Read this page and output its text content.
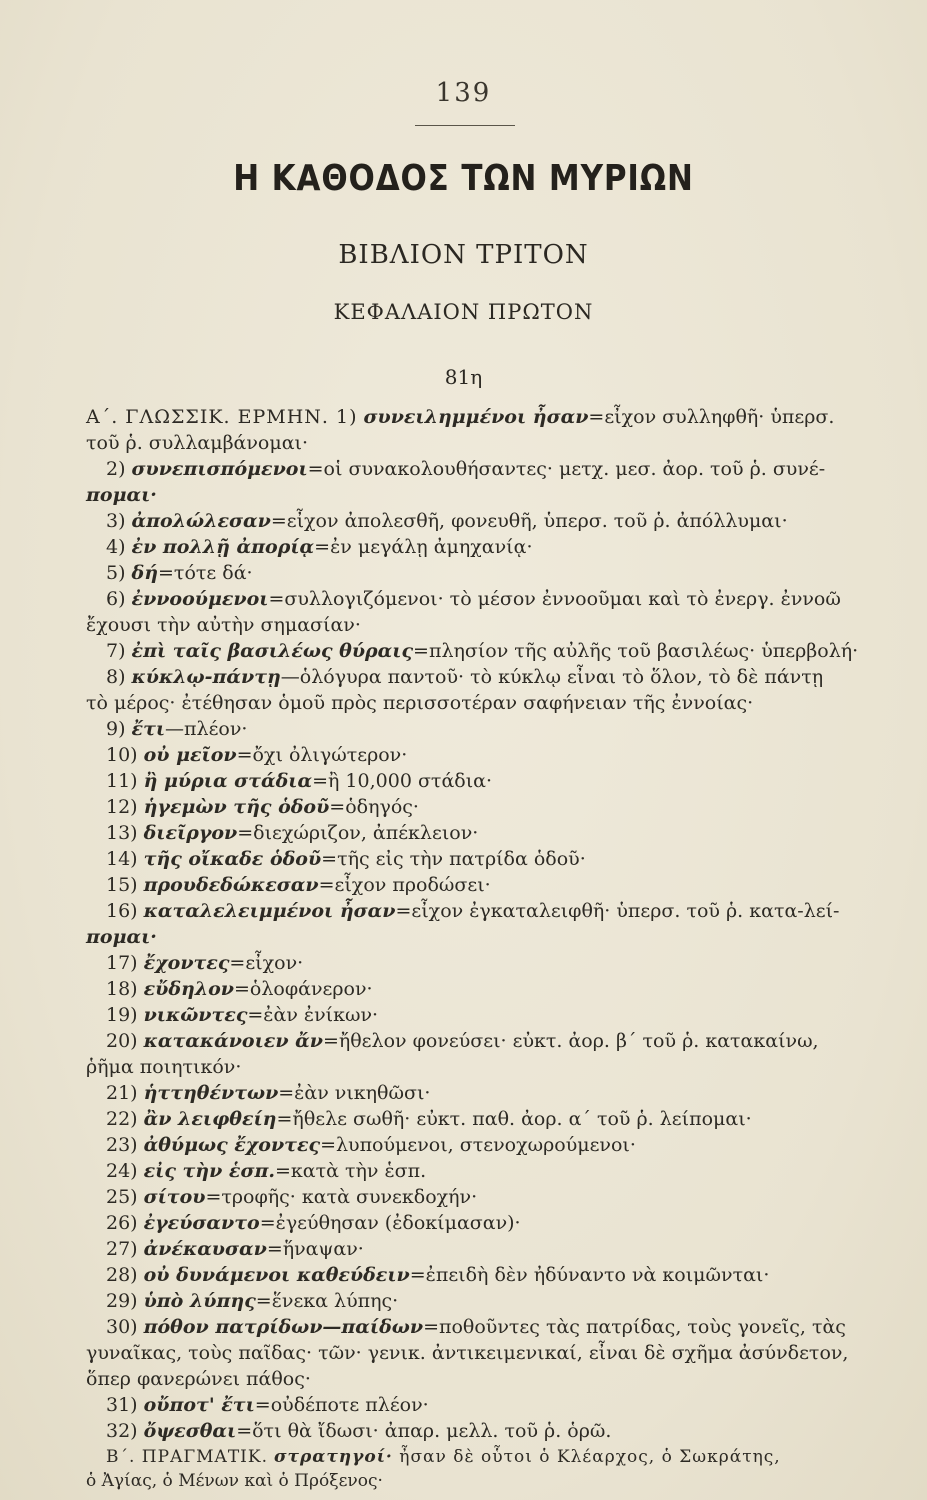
139
Η ΚΑΘΟΔΟΣ ΤΩΝ ΜΥΡΙΩΝ
ΒΙΒΛΙΟΝ ΤΡΙΤΟΝ
ΚΕΦΑΛΑΙΟΝ ΠΡΩΤΟΝ
81η
Α΄. ΓΛΩΣΣΙΚ. ΕΡΜΗΝ. 1) συνειλημμένοι ἦσαν=εἶχον συλληφθῆ· ὑπερσ.
τοῦ ῥ. συλλαμβάνομαι·
2) συνεπισπόμενοι=οἱ συνακολουθήσαντες· μετχ. μεσ. ἀορ. τοῦ ῥ. συνέ-
πομαι·
3) ἀπολώλεσαν=εἶχον ἀπολεσθῆ, φονευθῆ, ὑπερσ. τοῦ ῥ. ἀπόλλυμαι·
4) ἐν πολλῇ ἀπορίᾳ=ἐν μεγάλῃ ἀμηχανίᾳ·
5) δή=τότε δά·
6) ἐννοούμενοι=συλλογιζόμενοι· τὸ μέσον ἐννοοῦμαι καὶ τὸ ἐνεργ. ἐννοῶ
ἔχουσι τὴν αὐτὴν σημασίαν·
7) ἐπὶ ταῖς βασιλέως θύραις=πλησίον τῆς αὐλῆς τοῦ βασιλέως· ὑπερβολή·
8) κύκλῳ-πάντῃ—ὁλόγυρα παντοῦ· τὸ κύκλῳ εἶναι τὸ ὅλον, τὸ δὲ πάντῃ
τὸ μέρος· ἐτέθησαν ὁμοῦ πρὸς περισσοτέραν σαφήνειαν τῆς ἐννοίας·
9) ἔτι—πλέον·
10) οὐ μεῖον=ὄχι ὀλιγώτερον·
11) ἢ μύρια στάδια=ἢ 10,000 στάδια·
12) ἡγεμὼν τῆς ὁδοῦ=ὁδηγός·
13) διεῖργον=διεχώριζον, ἀπέκλειον·
14) τῆς οἴκαδε ὁδοῦ=τῆς εἰς τὴν πατρίδα ὁδοῦ·
15) προυδεδώκεσαν=εἶχον προδώσει·
16) καταλελειμμένοι ἦσαν=εἶχον ἐγκαταλειφθῆ· ὑπερσ. τοῦ ῥ. κατα-λεί-
πομαι·
17) ἔχοντες=εἶχον·
18) εὔδηλον=ὁλοφάνερον·
19) νικῶντες=ἐὰν ἐνίκων·
20) κατακάνοιεν ἄν=ἤθελον φονεύσει· εὐκτ. ἀορ. β΄ τοῦ ῥ. κατακαίνω,
ῥῆμα ποιητικόν·
21) ἡττηθέντων=ἐὰν νικηθῶσι·
22) ἂν λειφθείη=ἤθελε σωθῆ· εὐκτ. παθ. ἀορ. α΄ τοῦ ῥ. λείπομαι·
23) ἀθύμως ἔχοντες=λυπούμενοι, στενοχωρούμενοι·
24) εἰς τὴν ἑσπ.=κατὰ τὴν ἑσπ.
25) σίτου=τροφῆς· κατὰ συνεκδοχήν·
26) ἐγεύσαντο=ἐγεύθησαν (ἐδοκίμασαν)·
27) ἀνέκαυσαν=ἥναψαν·
28) οὐ δυνάμενοι καθεύδειν=ἐπειδὴ δὲν ἠδύναντο νὰ κοιμῶνται·
29) ὑπὸ λύπης=ἕνεκα λύπης·
30) πόθον πατρίδων—παίδων=ποθοῦντες τὰς πατρίδας, τοὺς γονεῖς, τὰς
γυναῖκας, τοὺς παῖδας· τῶν· γενικ. ἀντικειμενικαί, εἶναι δὲ σχῆμα ἀσύνδετον,
ὅπερ φανερώνει πάθος·
31) οὔποτ' ἔτι=οὐδέποτε πλέον·
32) ὄψεσθαι=ὅτι θὰ ἴδωσι· ἀπαρ. μελλ. τοῦ ῥ. ὁρῶ.
Β΄. ΠΡΑΓΜΑΤΙΚ. στρατηγοί· ἦσαν δὲ οὗτοι ὁ Κλέαρχος, ὁ Σωκράτης,
ὁ Ἀγίας, ὁ Μένων καὶ ὁ Πρόξενος·
